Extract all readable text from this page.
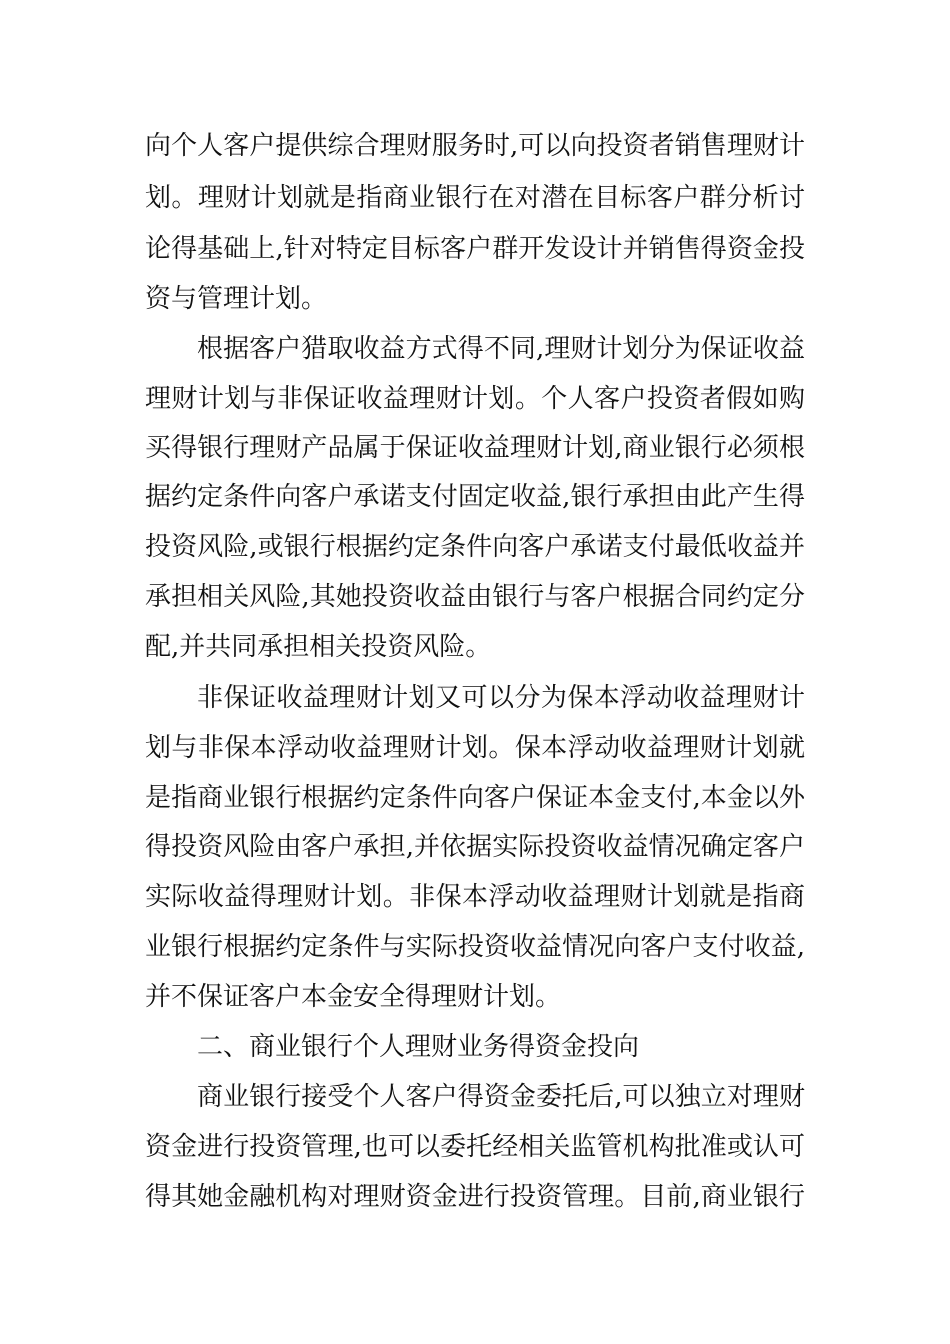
向个人客户提供综合理财服务时,可以向投资者销售理财计
划。理财计划就是指商业银行在对潜在目标客户群分析讨
论得基础上,针对特定目标客户群开发设计并销售得资金投
资与管理计划。
根据客户猎取收益方式得不同,理财计划分为保证收益
理财计划与非保证收益理财计划。个人客户投资者假如购
买得银行理财产品属于保证收益理财计划,商业银行必须根
据约定条件向客户承诺支付固定收益,银行承担由此产生得
投资风险,或银行根据约定条件向客户承诺支付最低收益并
承担相关风险,其她投资收益由银行与客户根据合同约定分
配,并共同承担相关投资风险。
非保证收益理财计划又可以分为保本浮动收益理财计
划与非保本浮动收益理财计划。保本浮动收益理财计划就
是指商业银行根据约定条件向客户保证本金支付,本金以外
得投资风险由客户承担,并依据实际投资收益情况确定客户
实际收益得理财计划。非保本浮动收益理财计划就是指商
业银行根据约定条件与实际投资收益情况向客户支付收益,
并不保证客户本金安全得理财计划。
二、商业银行个人理财业务得资金投向
商业银行接受个人客户得资金委托后,可以独立对理财
资金进行投资管理,也可以委托经相关监管机构批准或认可
得其她金融机构对理财资金进行投资管理。目前,商业银行
